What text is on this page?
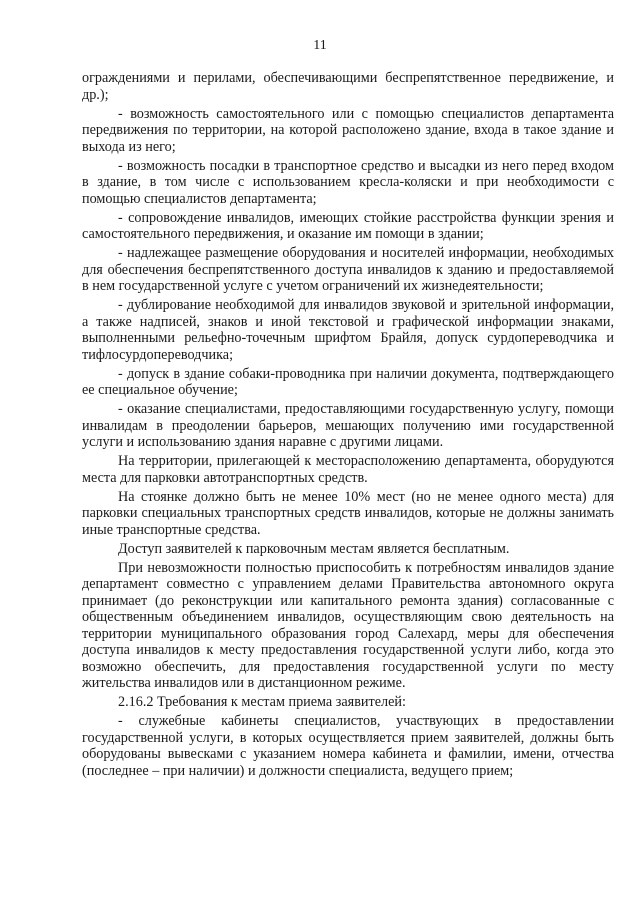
11

ограждениями и перилами, обеспечивающими беспрепятственное передвижение, и др.);

- возможность самостоятельного или с помощью специалистов департамента передвижения по территории, на которой расположено здание, входа в такое здание и выхода из него;

- возможность посадки в транспортное средство и высадки из него перед входом в здание, в том числе с использованием кресла-коляски и при необходимости с помощью специалистов департамента;

- сопровождение инвалидов, имеющих стойкие расстройства функции зрения и самостоятельного передвижения, и оказание им помощи в здании;

- надлежащее размещение оборудования и носителей информации, необходимых для обеспечения беспрепятственного доступа инвалидов к зданию и предоставляемой в нем государственной услуге с учетом ограничений их жизнедеятельности;

- дублирование необходимой для инвалидов звуковой и зрительной информации, а также надписей, знаков и иной текстовой и графической информации знаками, выполненными рельефно-точечным шрифтом Брайля, допуск сурдопереводчика и тифлосурдопереводчика;

- допуск в здание собаки-проводника при наличии документа, подтверждающего ее специальное обучение;

- оказание специалистами, предоставляющими государственную услугу, помощи инвалидам в преодолении барьеров, мешающих получению ими государственной услуги и использованию здания наравне с другими лицами.

На территории, прилегающей к месторасположению департамента, оборудуются места для парковки автотранспортных средств.

На стоянке должно быть не менее 10% мест (но не менее одного места) для парковки специальных транспортных средств инвалидов, которые не должны занимать иные транспортные средства.

Доступ заявителей к парковочным местам является бесплатным.

При невозможности полностью приспособить к потребностям инвалидов здание департамент совместно с управлением делами Правительства автономного округа принимает (до реконструкции или капитального ремонта здания) согласованные с общественным объединением инвалидов, осуществляющим свою деятельность на территории муниципального образования город Салехард, меры для обеспечения доступа инвалидов к месту предоставления государственной услуги либо, когда это возможно обеспечить, для предоставления государственной услуги по месту жительства инвалидов или в дистанционном режиме.

2.16.2 Требования к местам приема заявителей:

- служебные кабинеты специалистов, участвующих в предоставлении государственной услуги, в которых осуществляется прием заявителей, должны быть оборудованы вывесками с указанием номера кабинета и фамилии, имени, отчества (последнее – при наличии) и должности специалиста, ведущего прием;
